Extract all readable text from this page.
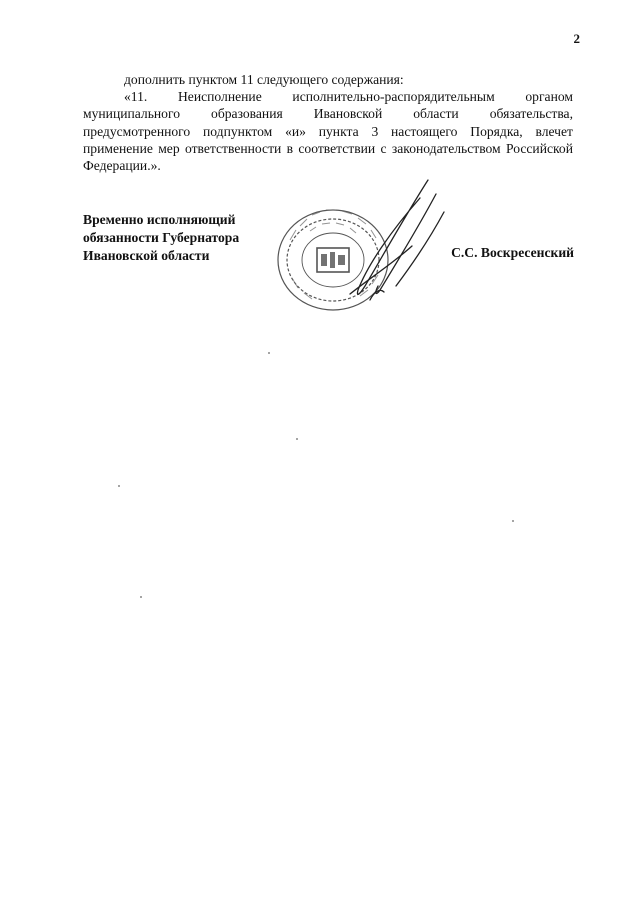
2

дополнить пунктом 11 следующего содержания:

«11. Неисполнение исполнительно-распорядительным органом муниципального образования Ивановской области обязательства, предусмотренного подпунктом «и» пункта 3 настоящего Порядка, влечет применение мер ответственности в соответствии с законодательством Российской Федерации.».

Временно исполняющий
обязанности Губернатора
Ивановской области	С.С. Воскресенский
